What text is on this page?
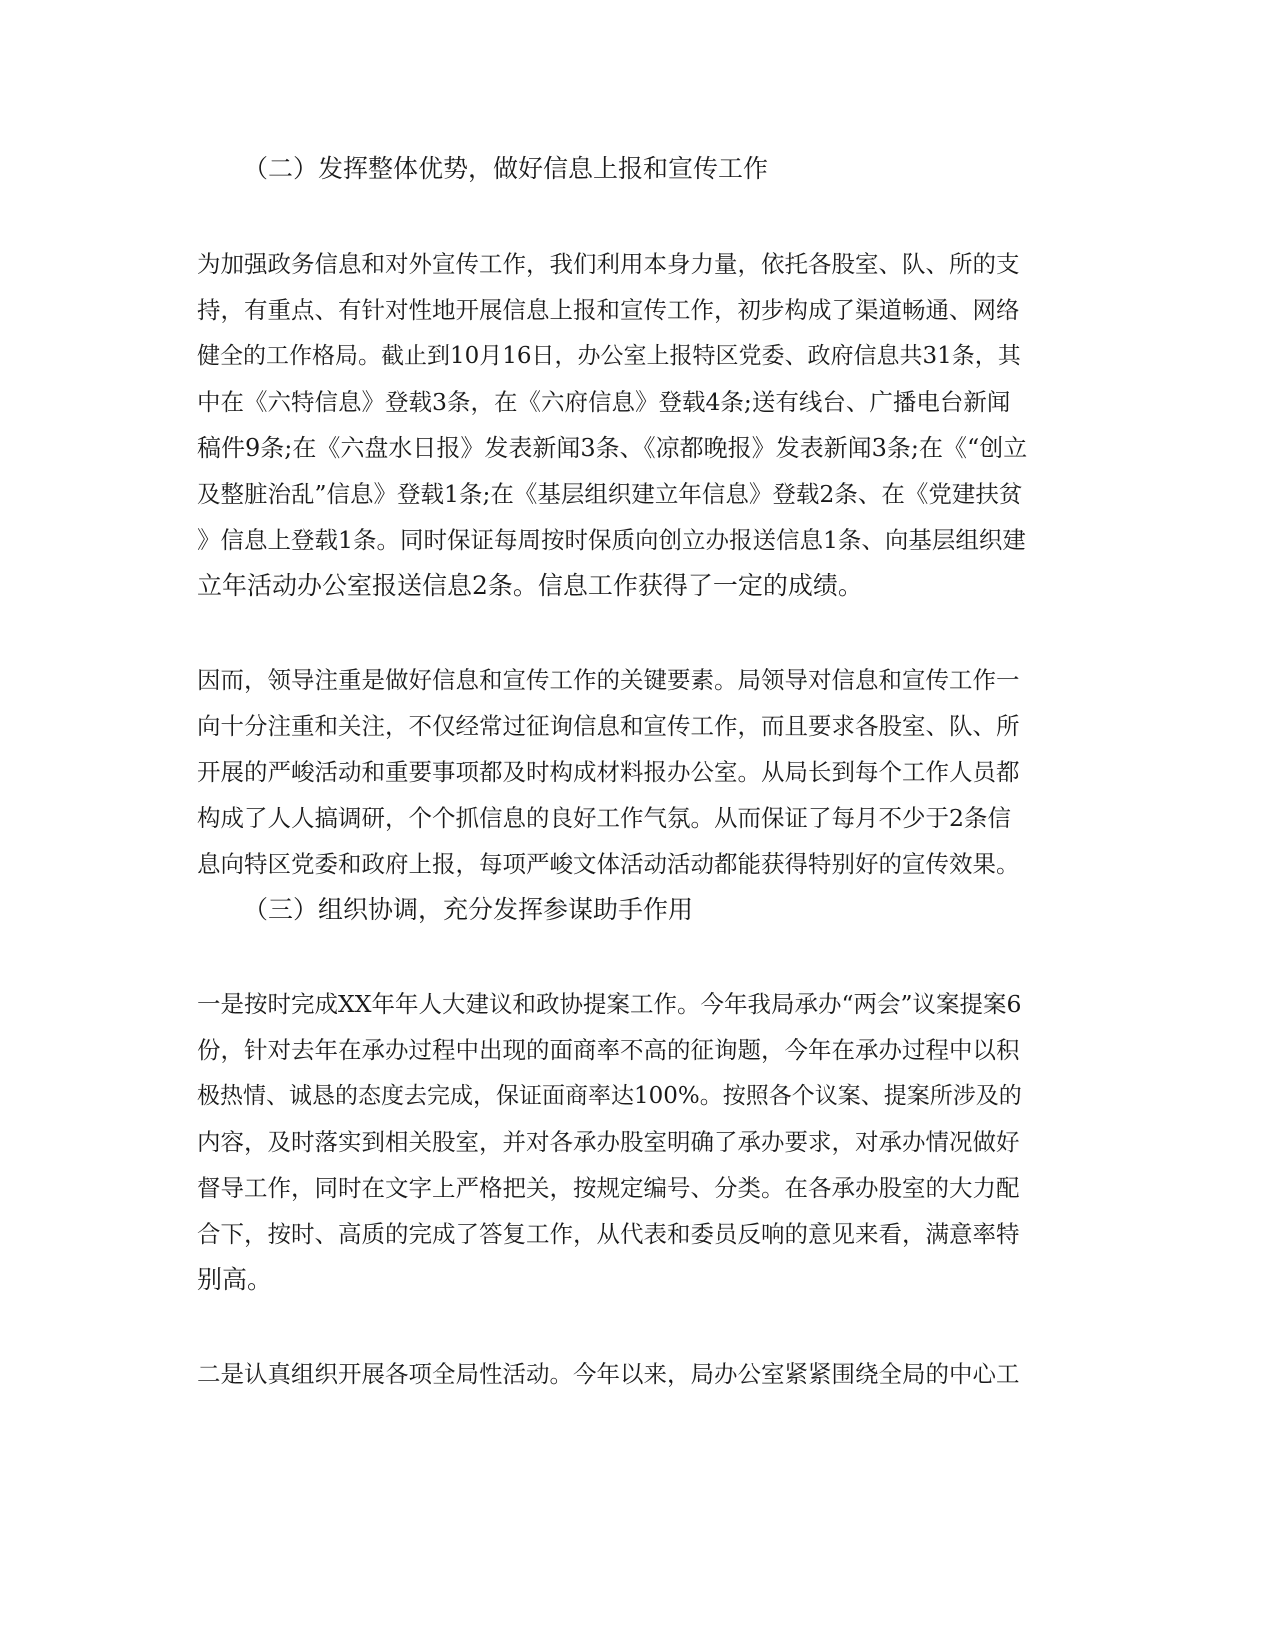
（二）发挥整体优势，做好信息上报和宣传工作
为加强政务信息和对外宣传工作，我们利用本身力量，依托各股室、队、所的支
持，有重点、有针对性地开展信息上报和宣传工作，初步构成了渠道畅通、网络
健全的工作格局。截止到10月16日，办公室上报特区党委、政府信息共31条，其
中在《六特信息》登载3条，在《六府信息》登载4条;送有线台、广播电台新闻
稿件9条;在《六盘水日报》发表新闻3条、《凉都晚报》发表新闻3条;在《“创立
及整脏治乱”信息》登载1条;在《基层组织建立年信息》登载2条、在《党建扶贫
》信息上登载1条。同时保证每周按时保质向创立办报送信息1条、向基层组织建
立年活动办公室报送信息2条。信息工作获得了一定的成绩。
因而，领导注重是做好信息和宣传工作的关键要素。局领导对信息和宣传工作一
向十分注重和关注，不仅经常过征询信息和宣传工作，而且要求各股室、队、所
开展的严峻活动和重要事项都及时构成材料报办公室。从局长到每个工作人员都
构成了人人搞调研，个个抓信息的良好工作气氛。从而保证了每月不少于2条信
息向特区党委和政府上报，每项严峻文体活动活动都能获得特别好的宣传效果。
（三）组织协调，充分发挥参谋助手作用
一是按时完成XX年年人大建议和政协提案工作。今年我局承办“两会”议案提案6
份，针对去年在承办过程中出现的面商率不高的征询题，今年在承办过程中以积
极热情、诚恳的态度去完成，保证面商率达100%。按照各个议案、提案所涉及的
内容，及时落实到相关股室，并对各承办股室明确了承办要求，对承办情况做好
督导工作，同时在文字上严格把关，按规定编号、分类。在各承办股室的大力配
合下，按时、高质的完成了答复工作，从代表和委员反响的意见来看，满意率特
别高。
二是认真组织开展各项全局性活动。今年以来，局办公室紧紧围绕全局的中心工
